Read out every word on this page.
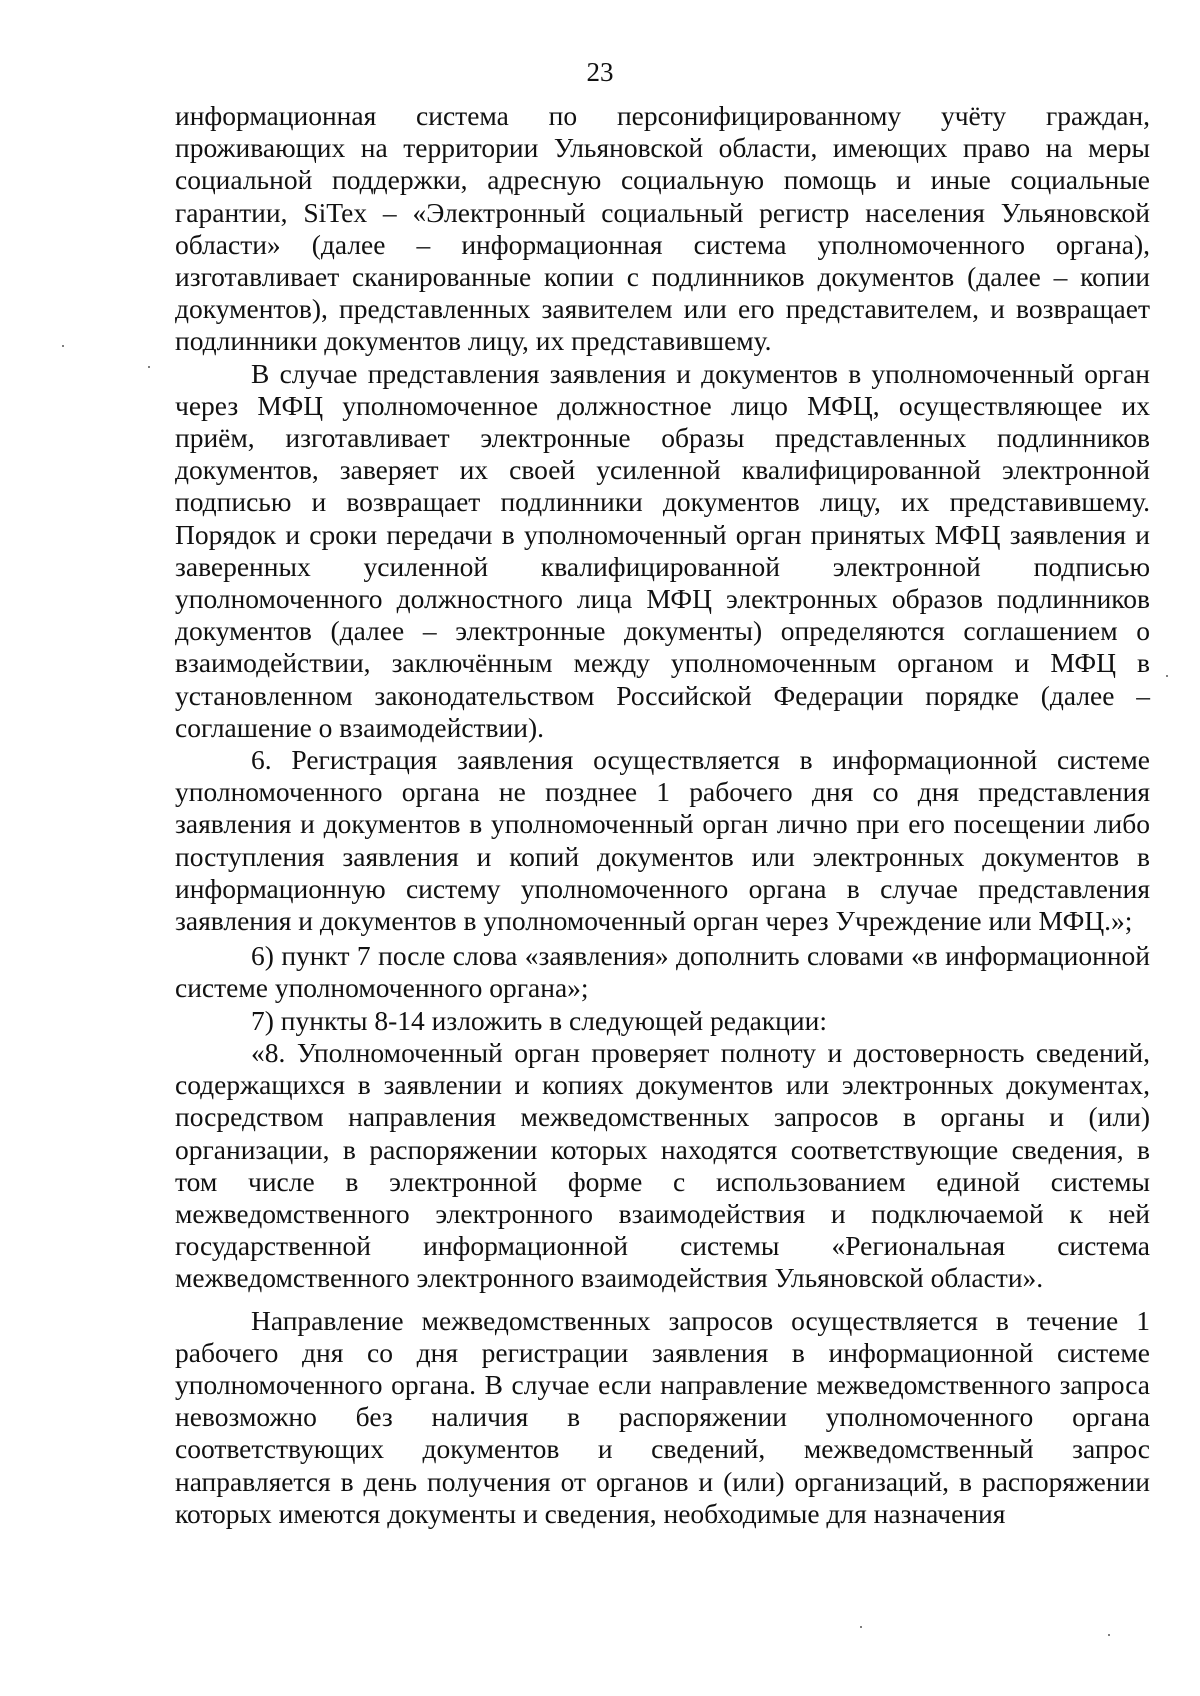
23

информационная система по персонифицированному учёту граждан, проживающих на территории Ульяновской области, имеющих право на меры социальной поддержки, адресную социальную помощь и иные социальные гарантии, SiTex – «Электронный социальный регистр населения Ульяновской области» (далее – информационная система уполномоченного органа), изготавливает сканированные копии с подлинников документов (далее – копии документов), представленных заявителем или его представителем, и возвращает подлинники документов лицу, их представившему.

В случае представления заявления и документов в уполномоченный орган через МФЦ уполномоченное должностное лицо МФЦ, осуществляющее их приём, изготавливает электронные образы представленных подлинников документов, заверяет их своей усиленной квалифицированной электронной подписью и возвращает подлинники документов лицу, их представившему. Порядок и сроки передачи в уполномоченный орган принятых МФЦ заявления и заверенных усиленной квалифицированной электронной подписью уполномоченного должностного лица МФЦ электронных образов подлинников документов (далее – электронные документы) определяются соглашением о взаимодействии, заключённым между уполномоченным органом и МФЦ в установленном законодательством Российской Федерации порядке (далее – соглашение о взаимодействии).

6. Регистрация заявления осуществляется в информационной системе уполномоченного органа не позднее 1 рабочего дня со дня представления заявления и документов в уполномоченный орган лично при его посещении либо поступления заявления и копий документов или электронных документов в информационную систему уполномоченного органа в случае представления заявления и документов в уполномоченный орган через Учреждение или МФЦ.»;

6) пункт 7 после слова «заявления» дополнить словами «в информационной системе уполномоченного органа»;

7) пункты 8-14 изложить в следующей редакции:

«8. Уполномоченный орган проверяет полноту и достоверность сведений, содержащихся в заявлении и копиях документов или электронных документах, посредством направления межведомственных запросов в органы и (или) организации, в распоряжении которых находятся соответствующие сведения, в том числе в электронной форме с использованием единой системы межведомственного электронного взаимодействия и подключаемой к ней государственной информационной системы «Региональная система межведомственного электронного взаимодействия Ульяновской области».

Направление межведомственных запросов осуществляется в течение 1 рабочего дня со дня регистрации заявления в информационной системе уполномоченного органа. В случае если направление межведомственного запроса невозможно без наличия в распоряжении уполномоченного органа соответствующих документов и сведений, межведомственный запрос направляется в день получения от органов и (или) организаций, в распоряжении которых имеются документы и сведения, необходимые для назначения
